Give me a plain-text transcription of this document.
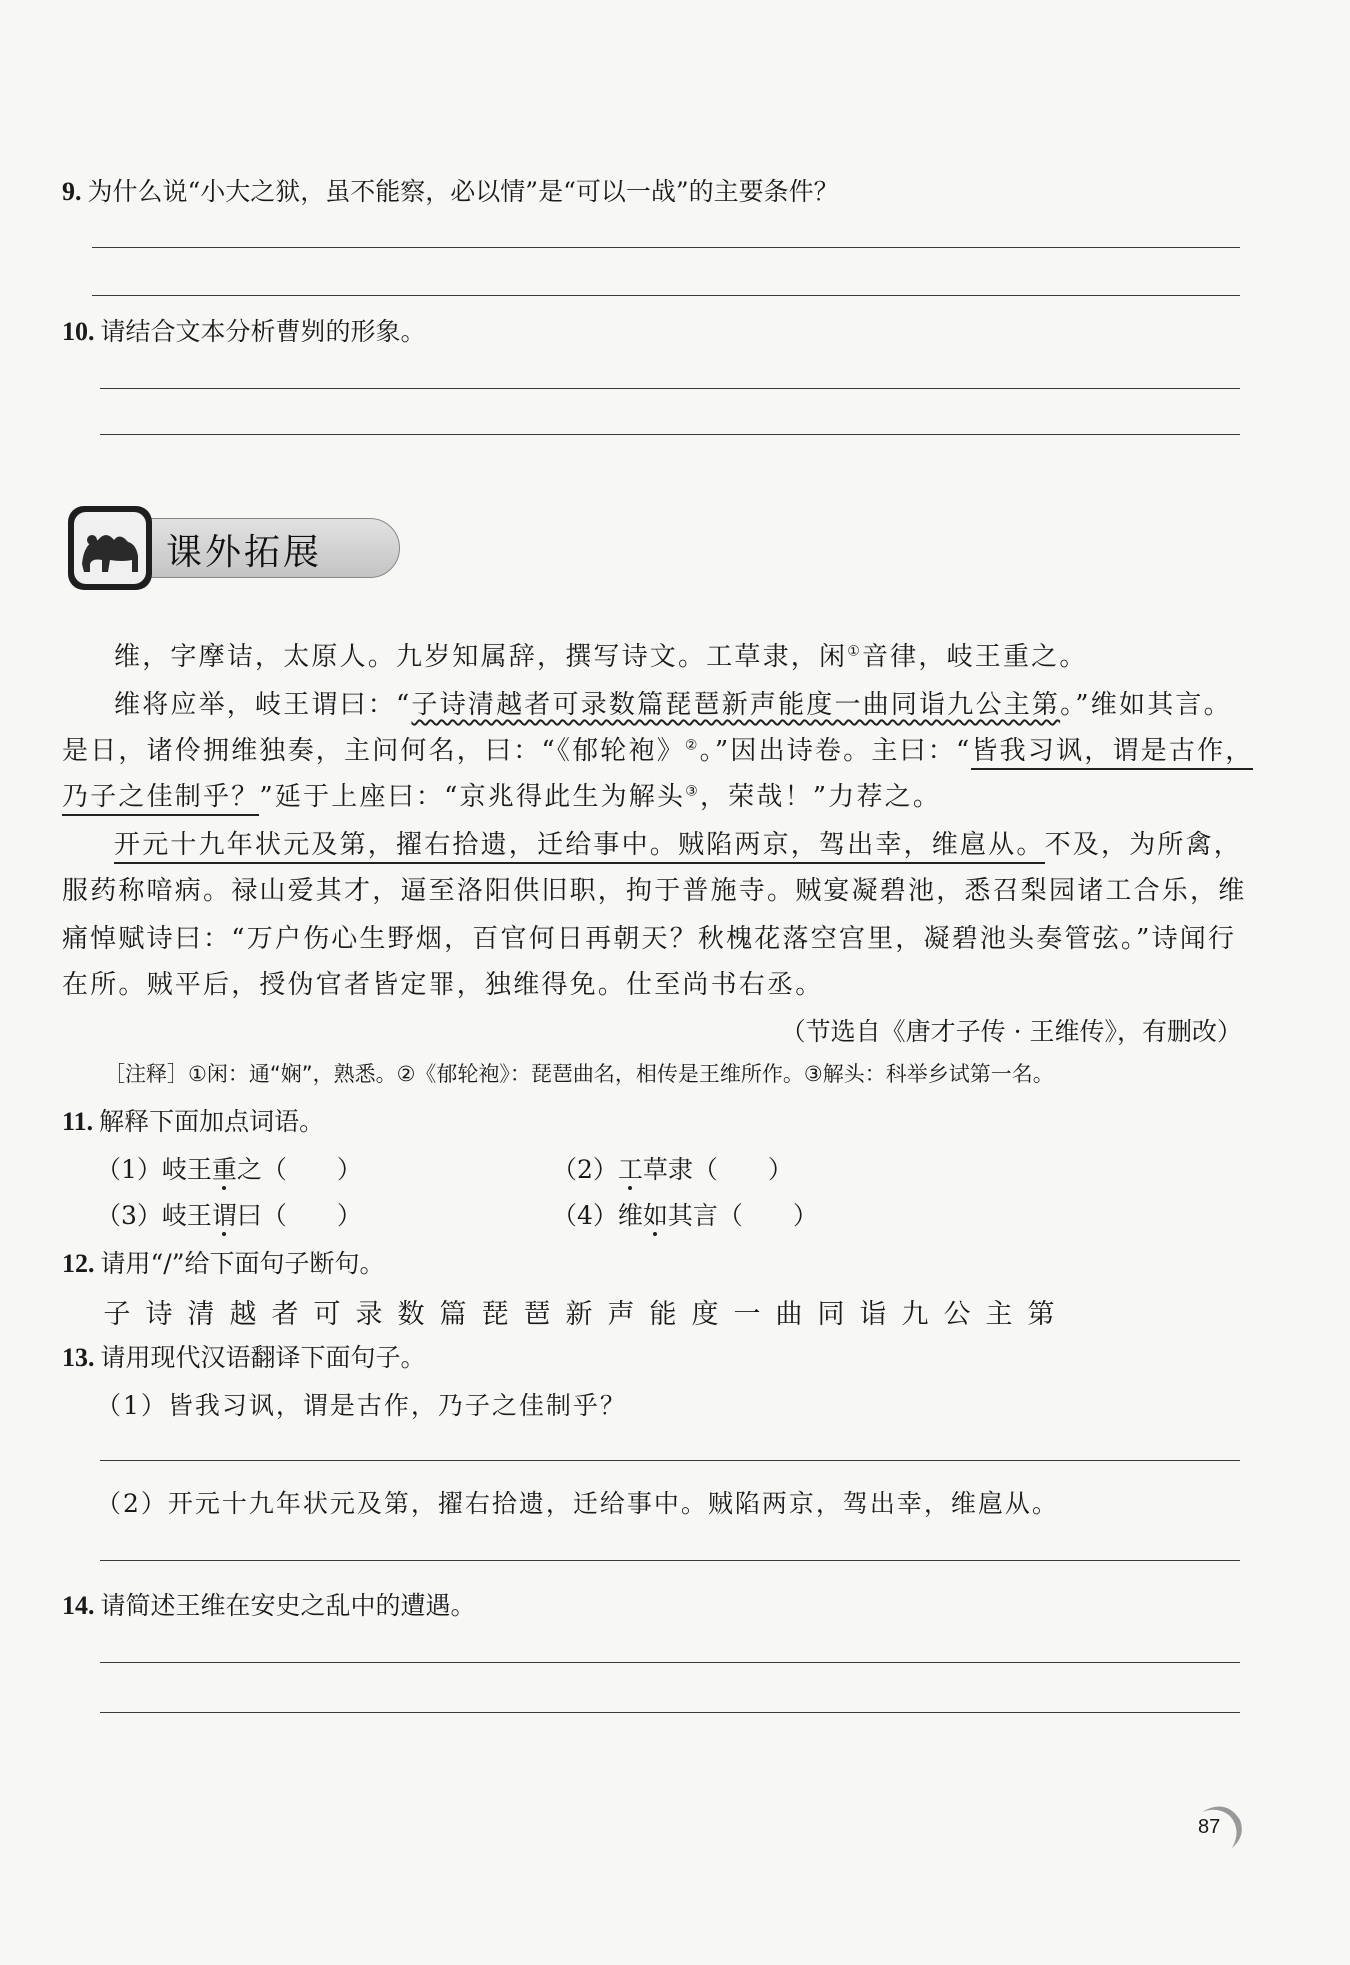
9. 为什么说“小大之狱，虽不能察，必以情”是“可以一战”的主要条件？
10. 请结合文本分析曹刿的形象。
课外拓展
维，字摩诘，太原人。九岁知属辞，撰写诗文。工草隶，闲①音律，岐王重之。
维将应举，岐王谓曰：“子诗清越者可录数篇琵琶新声能度一曲同诣九公主第。”维如其言。
是日，诸伶拥维独奏，主问何名，曰：“《郁轮袍》②。”因出诗卷。主曰：“皆我习讽，谓是古作，
乃子之佳制乎？”延于上座曰：“京兆得此生为解头③，荣哉！”力荐之。
开元十九年状元及第，擢右拾遗，迁给事中。贼陷两京，驾出幸，维扈从。不及，为所禽，
服药称喑病。禄山爱其才，逼至洛阳供旧职，拘于普施寺。贼宴凝碧池，悉召梨园诸工合乐，维
痛悼赋诗曰：“万户伤心生野烟，百官何日再朝天？秋槐花落空宫里，凝碧池头奏管弦。”诗闻行
在所。贼平后，授伪官者皆定罪，独维得免。仕至尚书右丞。
（节选自《唐才子传 · 王维传》，有删改）
［注释］①闲：通“娴”，熟悉。②《郁轮袍》：琵琶曲名，相传是王维所作。③解头：科举乡试第一名。
11. 解释下面加点词语。
（1）岐王重之（　　）	（2）工草隶（　　）
（3）岐王谓曰（　　）	（4）维如其言（　　）
12. 请用“/”给下面句子断句。
子 诗 清 越 者 可 录 数 篇 琵 琶 新 声 能 度 一 曲 同 诣 九 公 主 第
13. 请用现代汉语翻译下面句子。
（1）皆我习讽，谓是古作，乃子之佳制乎？
（2）开元十九年状元及第，擢右拾遗，迁给事中。贼陷两京，驾出幸，维扈从。
14. 请简述王维在安史之乱中的遭遇。
87
